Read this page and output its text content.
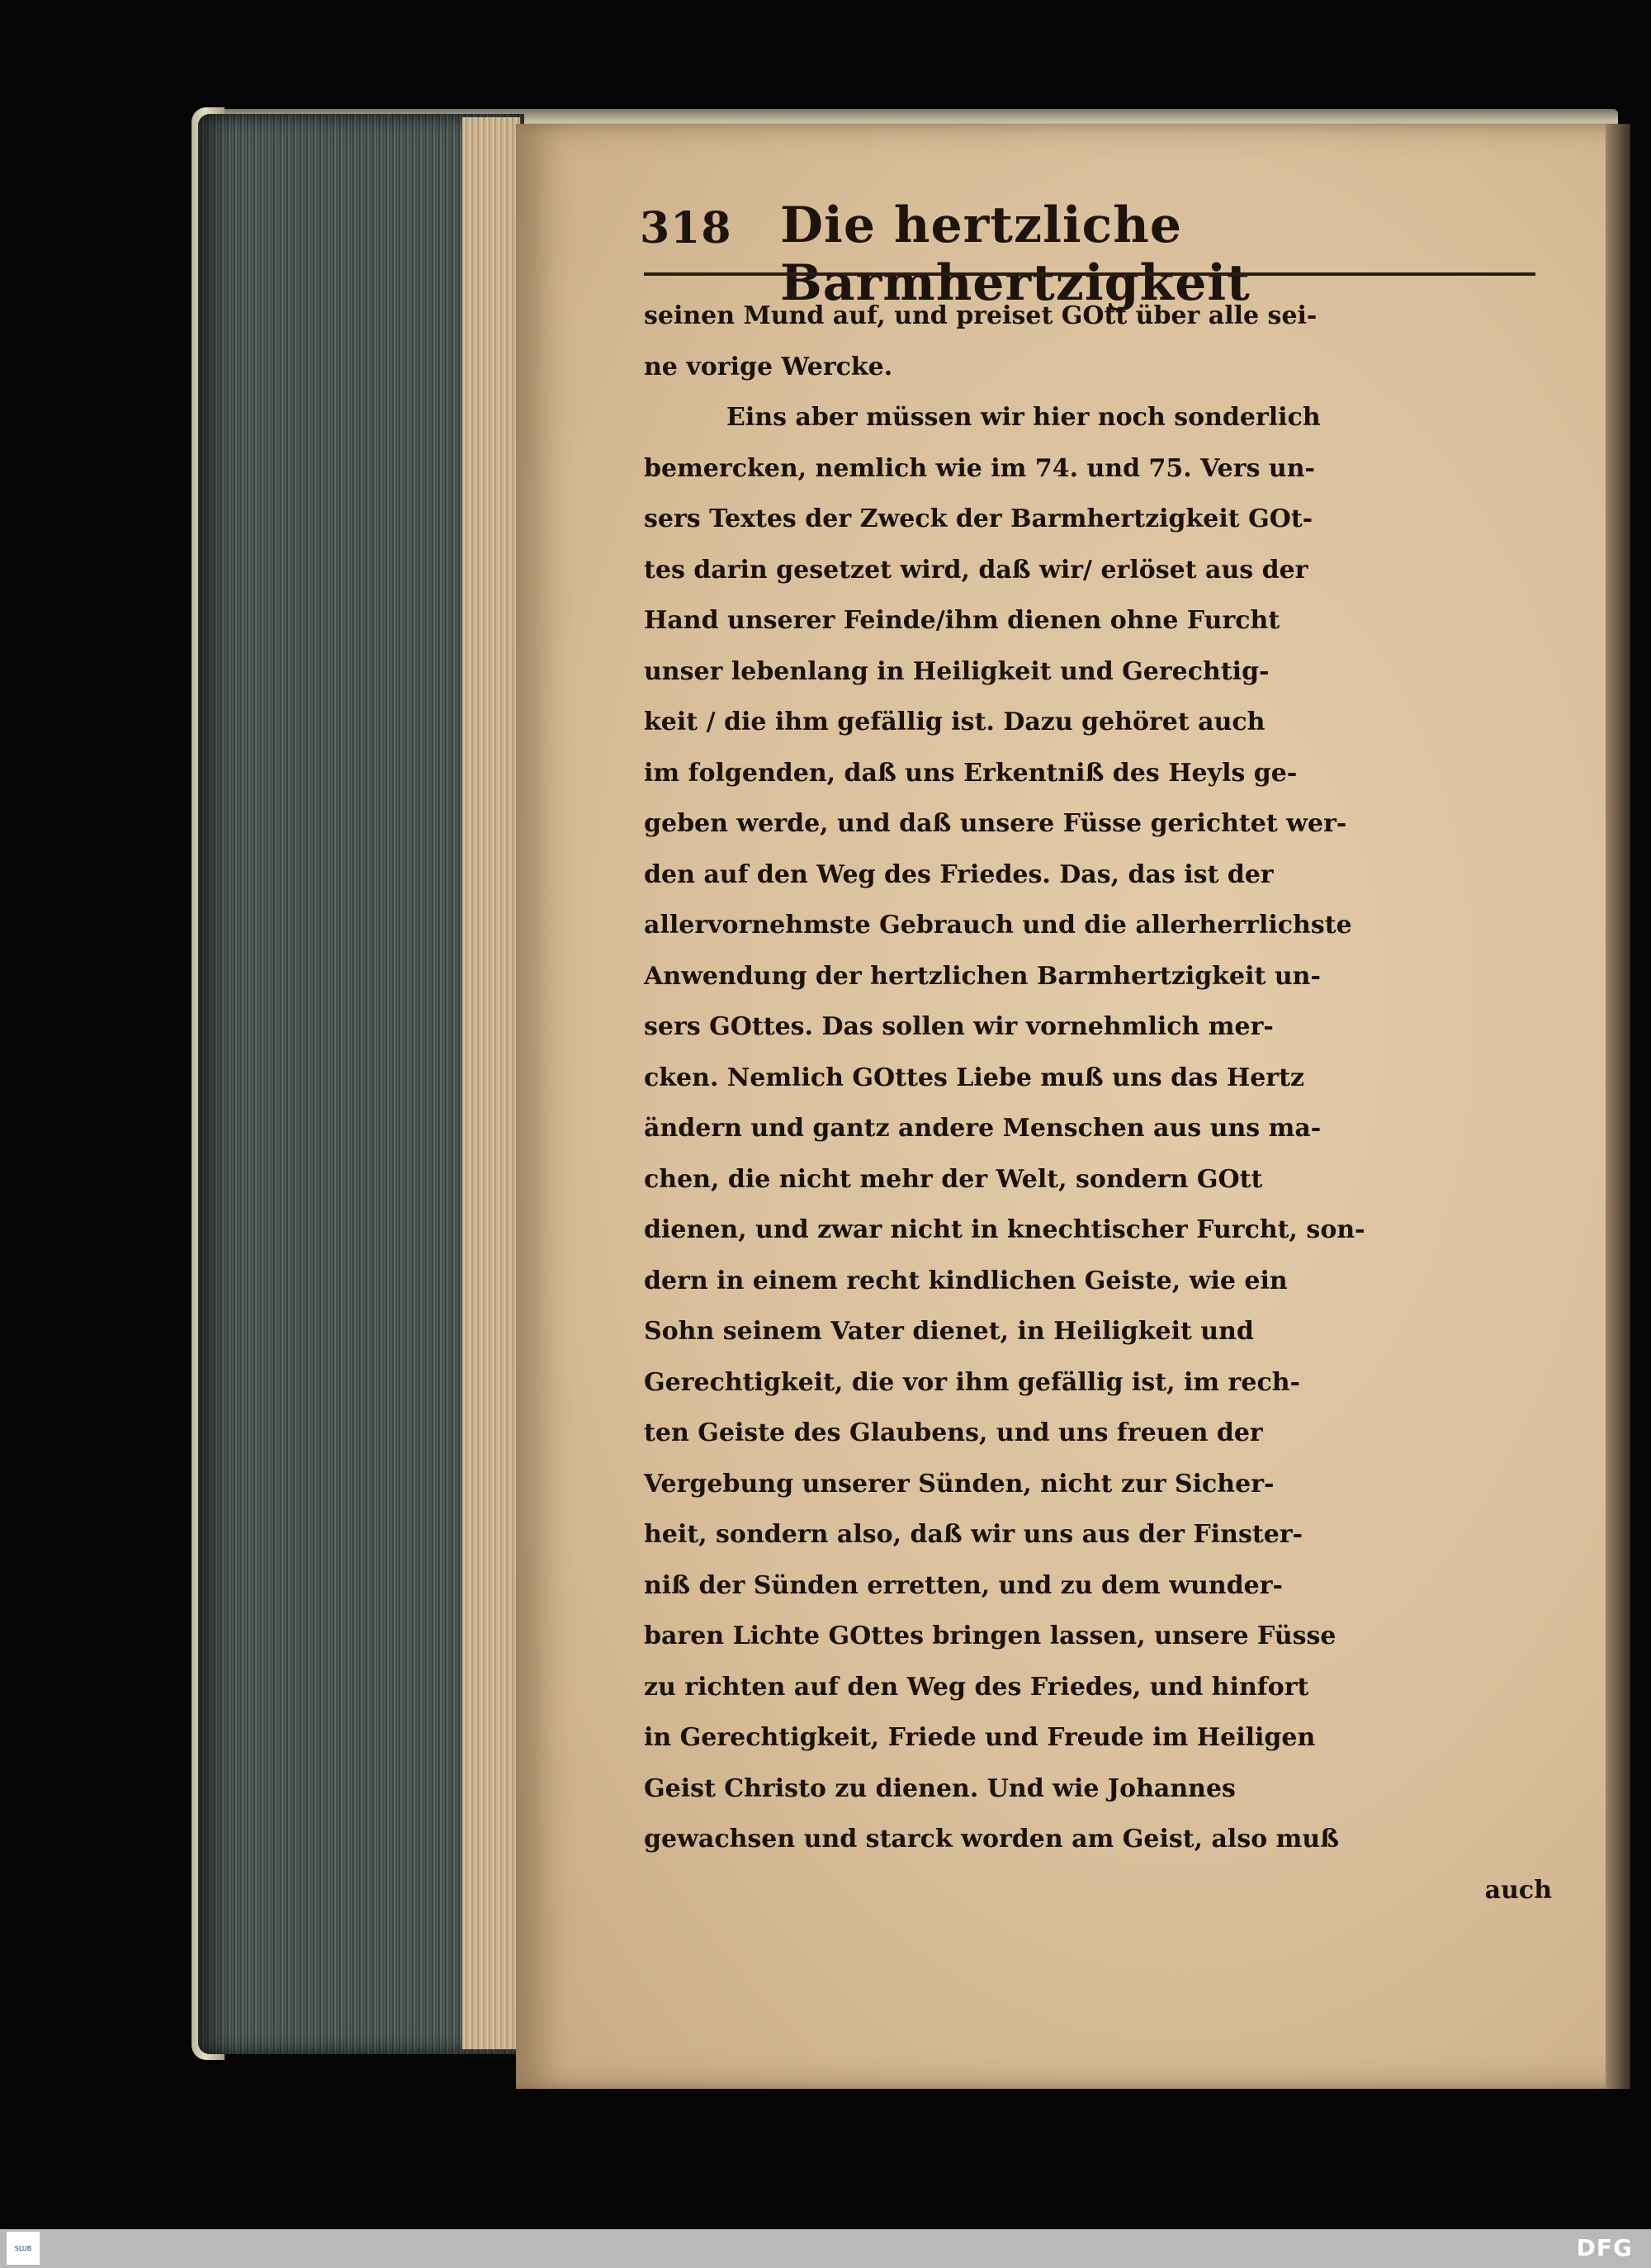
318 Die hertzliche Barmhertzigkeit
seinen Mund auf, und preiset GOtt über alle sei-
ne vorige Wercke.
Eins aber müssen wir hier noch sonderlich
bemercken, nemlich wie im 74. und 75. Vers un-
sers Textes der Zweck der Barmhertzigkeit GOt-
tes darin gesetzet wird, daß wir/ erlöset aus der
Hand unserer Feinde/ihm dienen ohne Furcht
unser lebenlang in Heiligkeit und Gerechtig-
keit / die ihm gefällig ist. Dazu gehöret auch
im folgenden, daß uns Erkentniß des Heyls ge-
geben werde, und daß unsere Füsse gerichtet wer-
den auf den Weg des Friedes. Das, das ist der
allervornehmste Gebrauch und die allerherrlichste
Anwendung der hertzlichen Barmhertzigkeit un-
sers GOttes. Das sollen wir vornehmlich mer-
cken. Nemlich GOttes Liebe muß uns das Hertz
ändern und gantz andere Menschen aus uns ma-
chen, die nicht mehr der Welt, sondern GOtt
dienen, und zwar nicht in knechtischer Furcht, son-
dern in einem recht kindlichen Geiste, wie ein
Sohn seinem Vater dienet, in Heiligkeit und
Gerechtigkeit, die vor ihm gefällig ist, im rech-
ten Geiste des Glaubens, und uns freuen der
Vergebung unserer Sünden, nicht zur Sicher-
heit, sondern also, daß wir uns aus der Finster-
niß der Sünden erretten, und zu dem wunder-
baren Lichte GOttes bringen lassen, unsere Füsse
zu richten auf den Weg des Friedes, und hinfort
in Gerechtigkeit, Friede und Freude im Heiligen
Geist Christo zu dienen. Und wie Johannes
gewachsen und starck worden am Geist, also muß
auch
SLUB	DFG
